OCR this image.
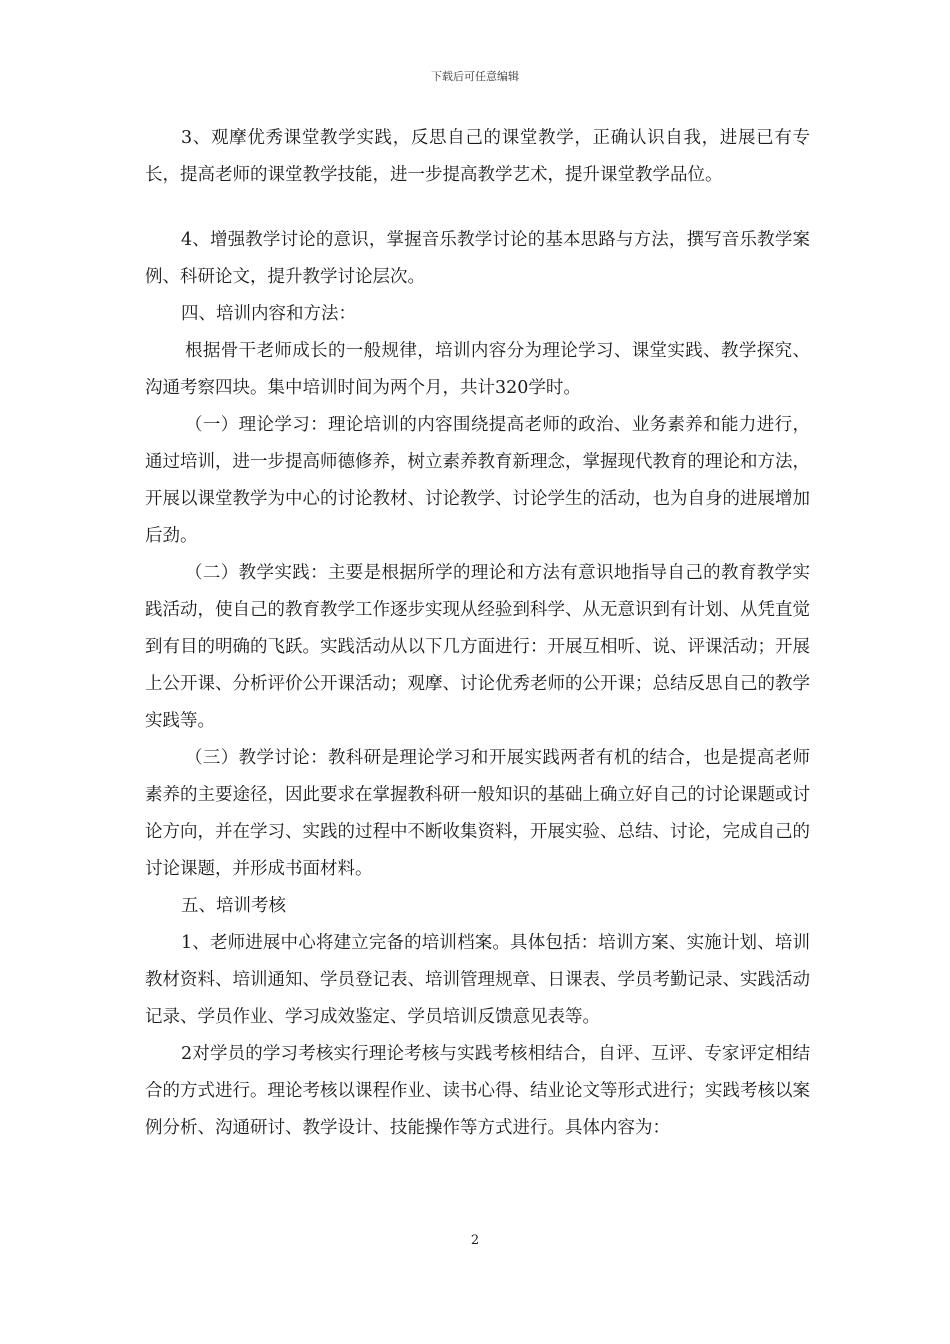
下载后可任意编辑

3、观摩优秀课堂教学实践，反思自己的课堂教学，正确认识自我，进展已有专长，提高老师的课堂教学技能，进一步提高教学艺术，提升课堂教学品位。

4、增强教学讨论的意识，掌握音乐教学讨论的基本思路与方法，撰写音乐教学案例、科研论文，提升教学讨论层次。

四、培训内容和方法：

根据骨干老师成长的一般规律，培训内容分为理论学习、课堂实践、教学探究、沟通考察四块。集中培训时间为两个月，共计320学时。

（一）理论学习：理论培训的内容围绕提高老师的政治、业务素养和能力进行，通过培训，进一步提高师德修养，树立素养教育新理念，掌握现代教育的理论和方法，开展以课堂教学为中心的讨论教材、讨论教学、讨论学生的活动，也为自身的进展增加后劲。

（二）教学实践：主要是根据所学的理论和方法有意识地指导自己的教育教学实践活动，使自己的教育教学工作逐步实现从经验到科学、从无意识到有计划、从凭直觉到有目的明确的飞跃。实践活动从以下几方面进行：开展互相听、说、评课活动；开展上公开课、分析评价公开课活动；观摩、讨论优秀老师的公开课；总结反思自己的教学实践等。

（三）教学讨论：教科研是理论学习和开展实践两者有机的结合，也是提高老师素养的主要途径，因此要求在掌握教科研一般知识的基础上确立好自己的讨论课题或讨论方向，并在学习、实践的过程中不断收集资料，开展实验、总结、讨论，完成自己的讨论课题，并形成书面材料。

五、培训考核

1、老师进展中心将建立完备的培训档案。具体包括：培训方案、实施计划、培训教材资料、培训通知、学员登记表、培训管理规章、日课表、学员考勤记录、实践活动记录、学员作业、学习成效鉴定、学员培训反馈意见表等。

2对学员的学习考核实行理论考核与实践考核相结合，自评、互评、专家评定相结合的方式进行。理论考核以课程作业、读书心得、结业论文等形式进行；实践考核以案例分析、沟通研讨、教学设计、技能操作等方式进行。具体内容为：

2
